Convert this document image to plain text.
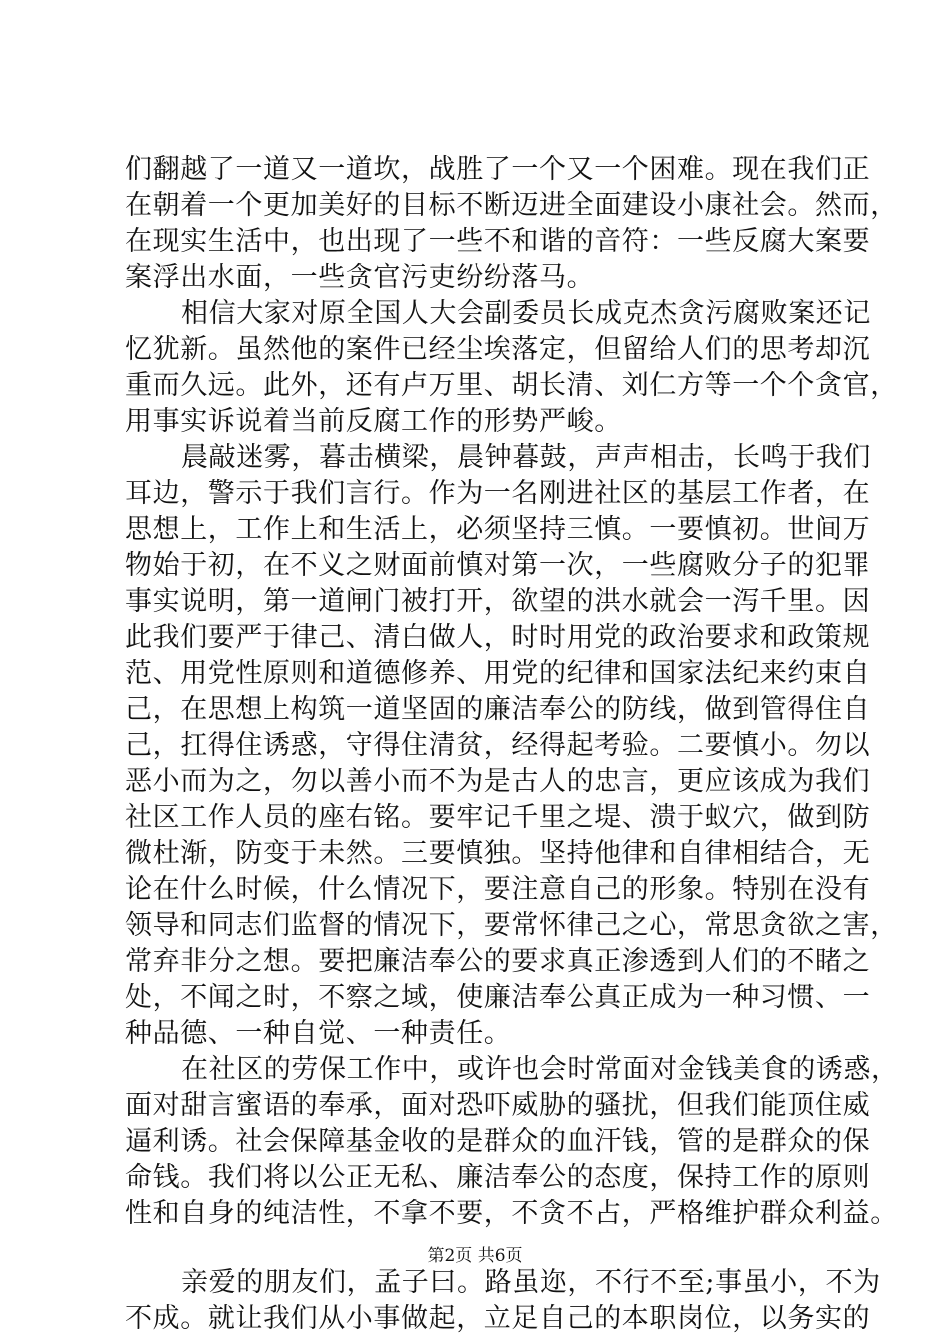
们翻越了一道又一道坎，战胜了一个又一个困难。现在我们正
在朝着一个更加美好的目标不断迈进全面建设小康社会。然而，
在现实生活中，也出现了一些不和谐的音符：一些反腐大案要
案浮出水面，一些贪官污吏纷纷落马。
相信大家对原全国人大会副委员长成克杰贪污腐败案还记
忆犹新。虽然他的案件已经尘埃落定，但留给人们的思考却沉
重而久远。此外，还有卢万里、胡长清、刘仁方等一个个贪官，
用事实诉说着当前反腐工作的形势严峻。
晨敲迷雾，暮击横梁，晨钟暮鼓，声声相击，长鸣于我们
耳边，警示于我们言行。作为一名刚进社区的基层工作者，在
思想上，工作上和生活上，必须坚持三慎。一要慎初。世间万
物始于初，在不义之财面前慎对第一次，一些腐败分子的犯罪
事实说明，第一道闸门被打开，欲望的洪水就会一泻千里。因
此我们要严于律己、清白做人，时时用党的政治要求和政策规
范、用党性原则和道德修养、用党的纪律和国家法纪来约束自
己，在思想上构筑一道坚固的廉洁奉公的防线，做到管得住自
己，扛得住诱惑，守得住清贫，经得起考验。二要慎小。勿以
恶小而为之，勿以善小而不为是古人的忠言，更应该成为我们
社区工作人员的座右铭。要牢记千里之堤、溃于蚁穴，做到防
微杜渐，防变于未然。三要慎独。坚持他律和自律相结合，无
论在什么时候，什么情况下，要注意自己的形象。特别在没有
领导和同志们监督的情况下，要常怀律己之心，常思贪欲之害，
常弃非分之想。要把廉洁奉公的要求真正渗透到人们的不睹之
处，不闻之时，不察之域，使廉洁奉公真正成为一种习惯、一
种品德、一种自觉、一种责任。
在社区的劳保工作中，或许也会时常面对金钱美食的诱惑，
面对甜言蜜语的奉承，面对恐吓威胁的骚扰，但我们能顶住威
逼利诱。社会保障基金收的是群众的血汗钱，管的是群众的保
命钱。我们将以公正无私、廉洁奉公的态度，保持工作的原则
性和自身的纯洁性，不拿不要，不贪不占，严格维护群众利益。
亲爱的朋友们，孟子曰。路虽迩，不行不至;事虽小，不为
不成。就让我们从小事做起，立足自己的本职岗位，以务实的
第2页 共6页
